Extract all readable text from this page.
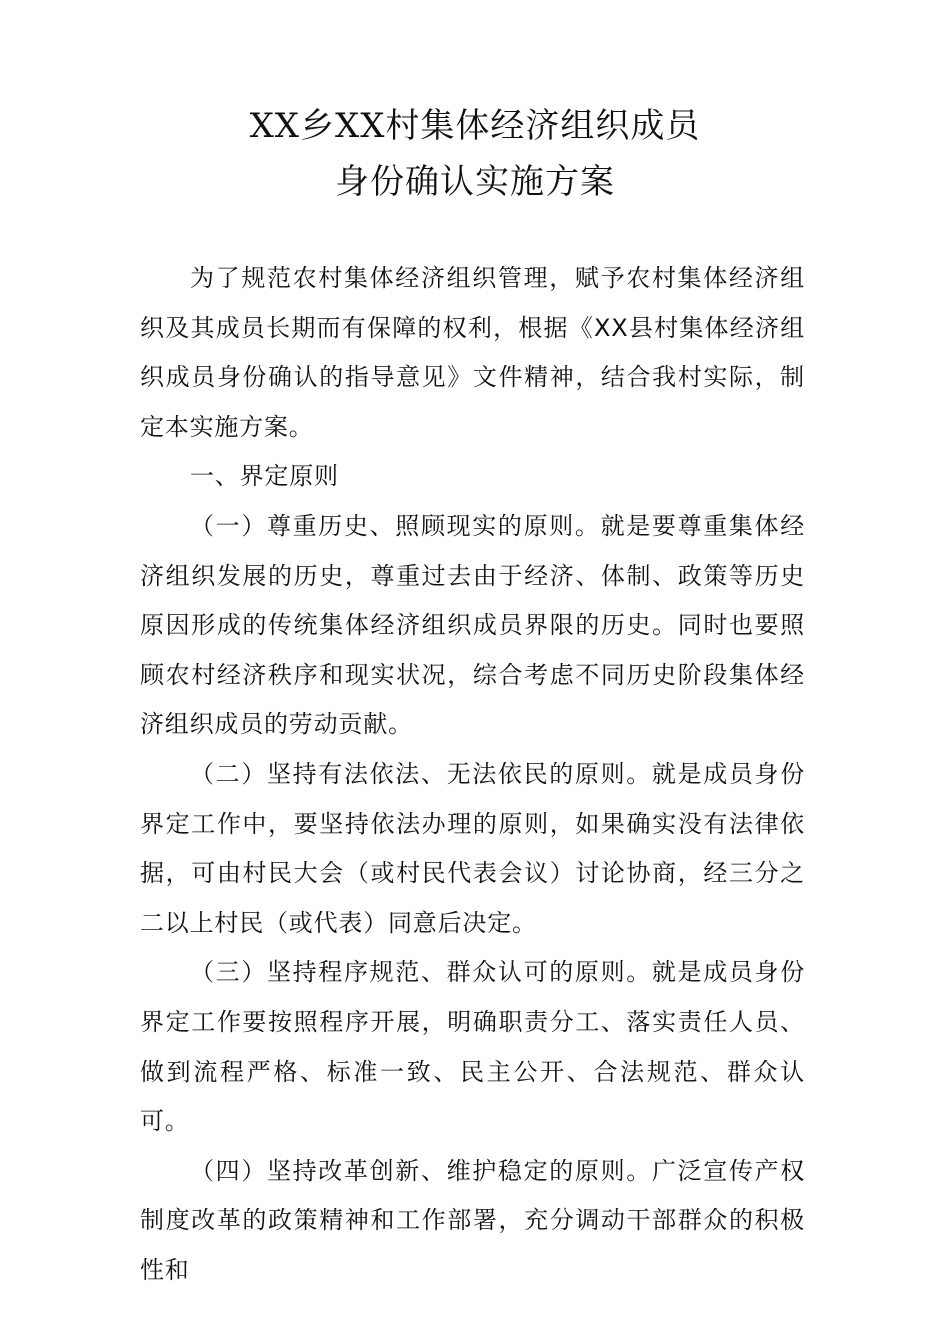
XX乡XX村集体经济组织成员
身份确认实施方案

为了规范农村集体经济组织管理，赋予农村集体经济组织及其成员长期而有保障的权利，根据《XX县村集体经济组织成员身份确认的指导意见》文件精神，结合我村实际，制定本实施方案。

一、界定原则

（一）尊重历史、照顾现实的原则。就是要尊重集体经济组织发展的历史，尊重过去由于经济、体制、政策等历史原因形成的传统集体经济组织成员界限的历史。同时也要照顾农村经济秩序和现实状况，综合考虑不同历史阶段集体经济组织成员的劳动贡献。

（二）坚持有法依法、无法依民的原则。就是成员身份界定工作中，要坚持依法办理的原则，如果确实没有法律依据，可由村民大会（或村民代表会议）讨论协商，经三分之二以上村民（或代表）同意后决定。

（三）坚持程序规范、群众认可的原则。就是成员身份界定工作要按照程序开展，明确职责分工、落实责任人员、做到流程严格、标准一致、民主公开、合法规范、群众认可。

（四）坚持改革创新、维护稳定的原则。广泛宣传产权制度改革的政策精神和工作部署，充分调动干部群众的积极性和
